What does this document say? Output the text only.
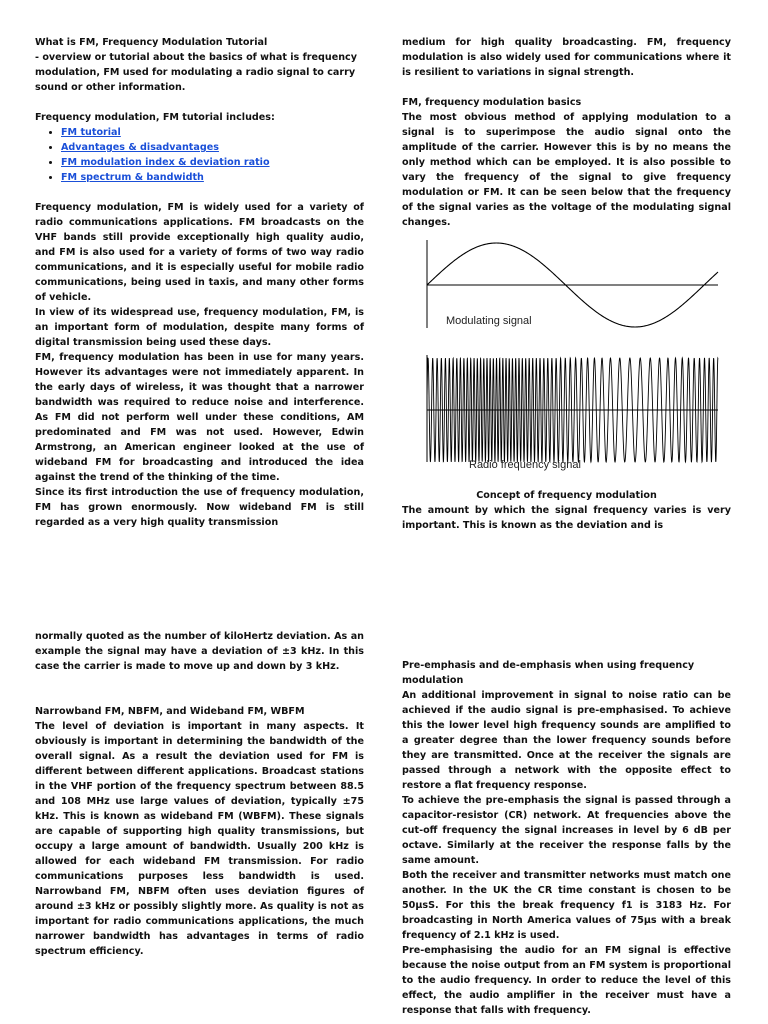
What is FM, Frequency Modulation Tutorial

- overview or tutorial about the basics of what is frequency modulation, FM used for modulating a radio signal to carry sound or other information.

Frequency modulation, FM tutorial includes:

• FM tutorial
• Advantages & disadvantages
• FM modulation index & deviation ratio
• FM spectrum & bandwidth

Frequency modulation, FM is widely used for a variety of radio communications applications. FM broadcasts on the VHF bands still provide exceptionally high quality audio, and FM is also used for a variety of forms of two way radio communications, and it is especially useful for mobile radio communications, being used in taxis, and many other forms of vehicle.

In view of its widespread use, frequency modulation, FM, is an important form of modulation, despite many forms of digital transmission being used these days.

FM, frequency modulation has been in use for many years. However its advantages were not immediately apparent. In the early days of wireless, it was thought that a narrower bandwidth was required to reduce noise and interference. As FM did not perform well under these conditions, AM predominated and FM was not used. However, Edwin Armstrong, an American engineer looked at the use of wideband FM for broadcasting and introduced the idea against the trend of the thinking of the time.

Since its first introduction the use of frequency modulation, FM has grown enormously. Now wideband FM is still regarded as a very high quality transmission

medium for high quality broadcasting. FM, frequency modulation is also widely used for communications where it is resilient to variations in signal strength.

FM, frequency modulation basics

The most obvious method of applying modulation to a signal is to superimpose the audio signal onto the amplitude of the carrier. However this is by no means the only method which can be employed. It is also possible to vary the frequency of the signal to give frequency modulation or FM. It can be seen below that the frequency of the signal varies as the voltage of the modulating signal changes.

Modulating signal
Radio frequency signal

Concept of frequency modulation

The amount by which the signal frequency varies is very important. This is known as the deviation and is

normally quoted as the number of kiloHertz deviation. As an example the signal may have a deviation of ±3 kHz. In this case the carrier is made to move up and down by 3 kHz.

Narrowband FM, NBFM, and Wideband FM, WBFM

The level of deviation is important in many aspects. It obviously is important in determining the bandwidth of the overall signal. As a result the deviation used for FM is different between different applications. Broadcast stations in the VHF portion of the frequency spectrum between 88.5 and 108 MHz use large values of deviation, typically ±75 kHz. This is known as wideband FM (WBFM). These signals are capable of supporting high quality transmissions, but occupy a large amount of bandwidth. Usually 200 kHz is allowed for each wideband FM transmission. For radio communications purposes less bandwidth is used. Narrowband FM, NBFM often uses deviation figures of around ±3 kHz or possibly slightly more. As quality is not as important for radio communications applications, the much narrower bandwidth has advantages in terms of radio spectrum efficiency.

Pre-emphasis and de-emphasis when using frequency modulation

An additional improvement in signal to noise ratio can be achieved if the audio signal is pre-emphasised. To achieve this the lower level high frequency sounds are amplified to a greater degree than the lower frequency sounds before they are transmitted. Once at the receiver the signals are passed through a network with the opposite effect to restore a flat frequency response.

To achieve the pre-emphasis the signal is passed through a capacitor-resistor (CR) network. At frequencies above the cut-off frequency the signal increases in level by 6 dB per octave. Similarly at the receiver the response falls by the same amount.

Both the receiver and transmitter networks must match one another. In the UK the CR time constant is chosen to be 50µsS. For this the break frequency f1 is 3183 Hz. For broadcasting in North America values of 75µs with a break frequency of 2.1 kHz is used.

Pre-emphasising the audio for an FM signal is effective because the noise output from an FM system is proportional to the audio frequency. In order to reduce the level of this effect, the audio amplifier in the receiver must have a response that falls with frequency.
